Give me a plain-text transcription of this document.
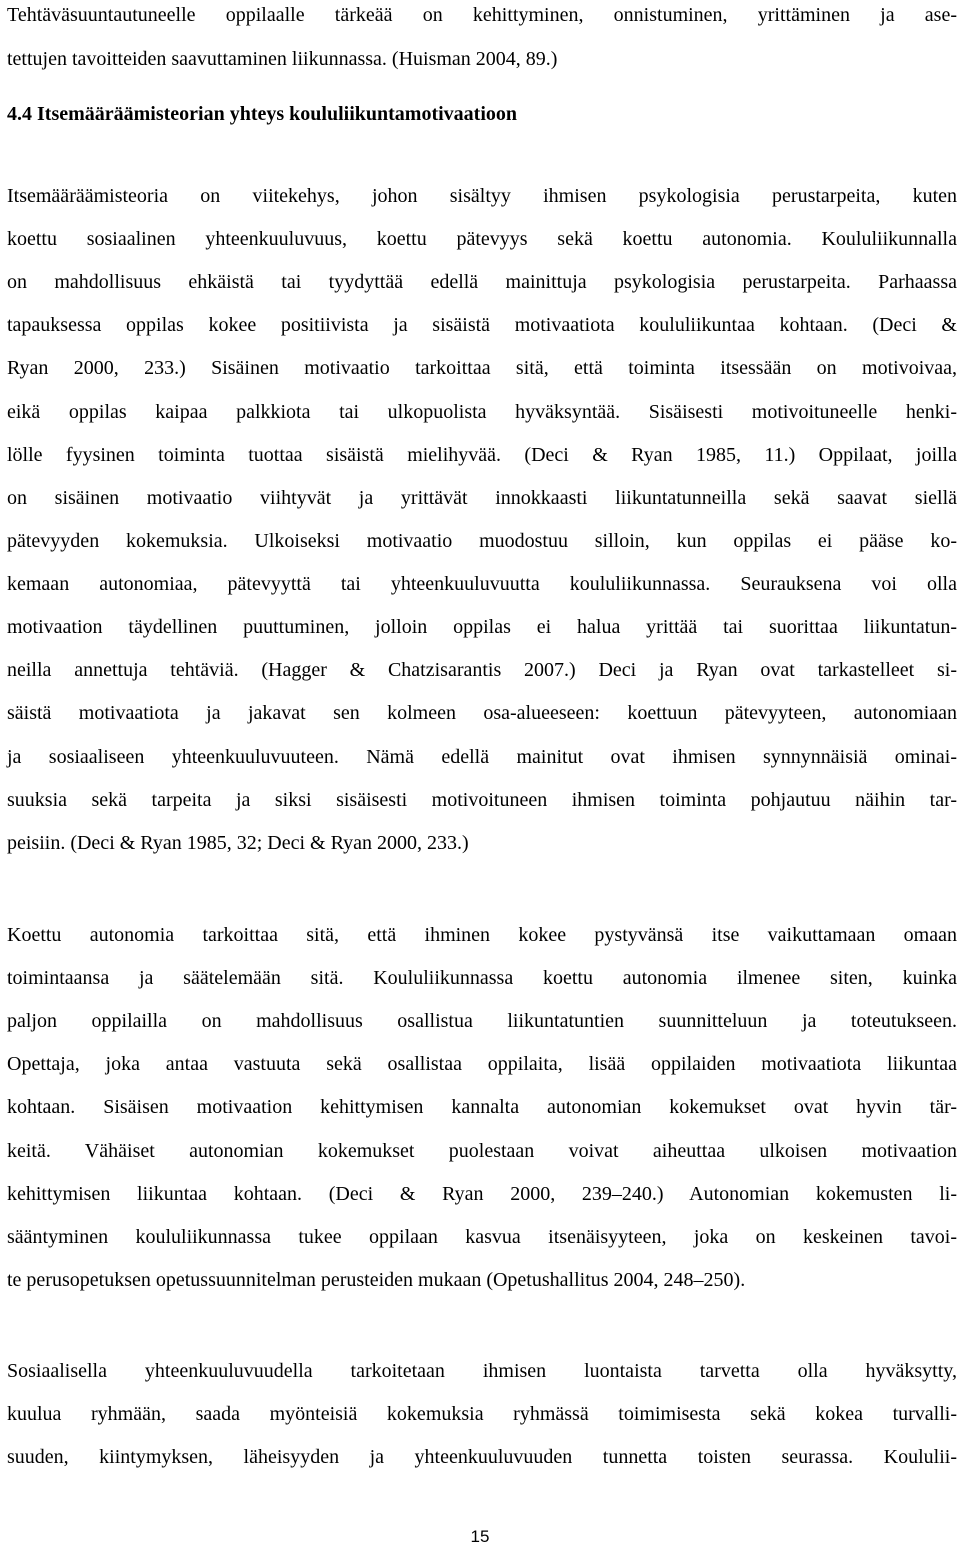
Tehtäväsuuntautuneelle oppilaalle tärkeää on kehittyminen, onnistuminen, yrittäminen ja ase-
tettujen tavoitteiden saavuttaminen liikunnassa. (Huisman 2004, 89.)
4.4 Itsemääräämisteorian yhteys koululiikuntamotivaatioon
Itsemääräämisteoria on viitekehys, johon sisältyy ihmisen psykologisia perustarpeita, kuten
koettu sosiaalinen yhteenkuuluvuus, koettu pätevyys sekä koettu autonomia. Koululiikunnalla
on mahdollisuus ehkäistä tai tyydyttää edellä mainittuja psykologisia perustarpeita. Parhaassa
tapauksessa oppilas kokee positiivista ja sisäistä motivaatiota koululiikuntaa kohtaan. (Deci &
Ryan 2000, 233.) Sisäinen motivaatio tarkoittaa sitä, että toiminta itsessään on motivoivaa,
eikä oppilas kaipaa palkkiota tai ulkopuolista hyväksyntää. Sisäisesti motivoituneelle henki-
lölle fyysinen toiminta tuottaa sisäistä mielihyvää. (Deci & Ryan 1985, 11.) Oppilaat, joilla
on sisäinen motivaatio viihtyvät ja yrittävät innokkaasti liikuntatunneilla sekä saavat siellä
pätevyyden kokemuksia. Ulkoiseksi motivaatio muodostuu silloin, kun oppilas ei pääse ko-
kemaan autonomiaa, pätevyyttä tai yhteenkuuluvuutta koululiikunnassa. Seurauksena voi olla
motivaation täydellinen puuttuminen, jolloin oppilas ei halua yrittää tai suorittaa liikuntatun-
neilla annettuja tehtäviä. (Hagger & Chatzisarantis 2007.) Deci ja Ryan ovat tarkastelleet si-
säistä motivaatiota ja jakavat sen kolmeen osa-alueeseen: koettuun pätevyyteen, autonomiaan
ja sosiaaliseen yhteenkuuluvuuteen. Nämä edellä mainitut ovat ihmisen synnynnäisiä ominai-
suuksia sekä tarpeita ja siksi sisäisesti motivoituneen ihmisen toiminta pohjautuu näihin tar-
peisiin. (Deci & Ryan 1985, 32; Deci & Ryan 2000, 233.)
Koettu autonomia tarkoittaa sitä, että ihminen kokee pystyvänsä itse vaikuttamaan omaan
toimintaansa ja säätelemään sitä. Koululiikunnassa koettu autonomia ilmenee siten, kuinka
paljon oppilailla on mahdollisuus osallistua liikuntatuntien suunnitteluun ja toteutukseen.
Opettaja, joka antaa vastuuta sekä osallistaa oppilaita, lisää oppilaiden motivaatiota liikuntaa
kohtaan. Sisäisen motivaation kehittymisen kannalta autonomian kokemukset ovat hyvin tär-
keitä. Vähäiset autonomian kokemukset puolestaan voivat aiheuttaa ulkoisen motivaation
kehittymisen liikuntaa kohtaan. (Deci & Ryan 2000, 239–240.) Autonomian kokemusten li-
sääntyminen koululiikunnassa tukee oppilaan kasvua itsenäisyyteen, joka on keskeinen tavoi-
te perusopetuksen opetussuunnitelman perusteiden mukaan (Opetushallitus 2004, 248–250).
Sosiaalisella yhteenkuuluvuudella tarkoitetaan ihmisen luontaista tarvetta olla hyväksytty,
kuulua ryhmään, saada myönteisiä kokemuksia ryhmässä toimimisesta sekä kokea turvalli-
suuden, kiintymyksen, läheisyyden ja yhteenkuuluvuuden tunnetta toisten seurassa. Koululii-
15
